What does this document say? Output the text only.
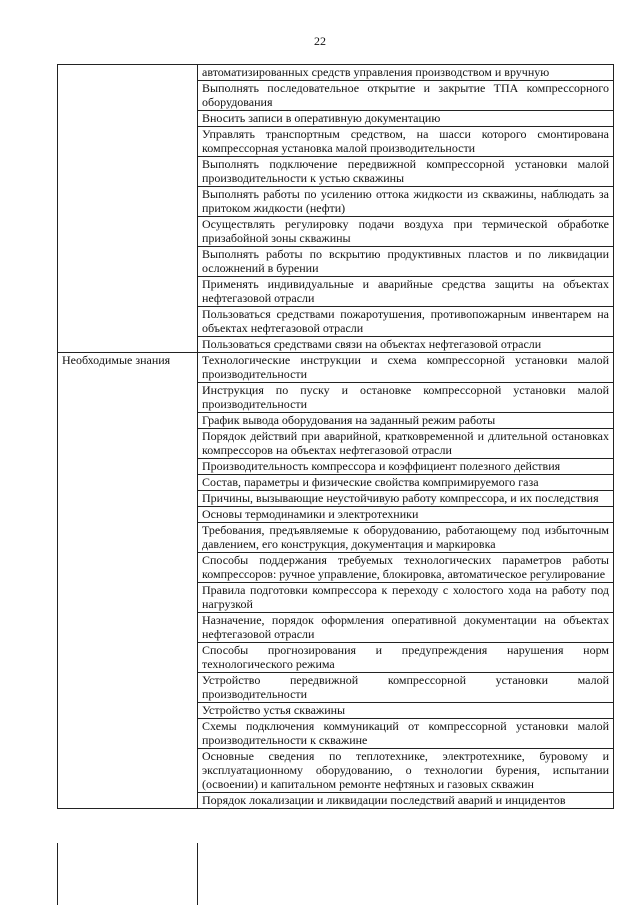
22
	автоматизированных средств управления производством и вручную
	Выполнять последовательное открытие и закрытие ТПА компрессорного оборудования
	Вносить записи в оперативную документацию
	Управлять транспортным средством, на шасси которого смонтирована компрессорная установка малой производительности
	Выполнять подключение передвижной компрессорной установки малой производительности к устью скважины
	Выполнять работы по усилению оттока жидкости из скважины, наблюдать за притоком жидкости (нефти)
	Осуществлять регулировку подачи воздуха при термической обработке призабойной зоны скважины
	Выполнять работы по вскрытию продуктивных пластов и по ликвидации осложнений в бурении
	Применять индивидуальные и аварийные средства защиты на объектах нефтегазовой отрасли
	Пользоваться средствами пожаротушения, противопожарным инвентарем на объектах нефтегазовой отрасли
	Пользоваться средствами связи на объектах нефтегазовой отрасли
Необходимые знания	Технологические инструкции и схема компрессорной установки малой производительности
	Инструкция по пуску и остановке компрессорной установки малой производительности
	График вывода оборудования на заданный режим работы
	Порядок действий при аварийной, кратковременной и длительной остановках компрессоров на объектах нефтегазовой отрасли
	Производительность компрессора и коэффициент полезного действия
	Состав, параметры и физические свойства компримируемого газа
	Причины, вызывающие неустойчивую работу компрессора, и их последствия
	Основы термодинамики и электротехники
	Требования, предъявляемые к оборудованию, работающему под избыточным давлением, его конструкция, документация и маркировка
	Способы поддержания требуемых технологических параметров работы компрессоров: ручное управление, блокировка, автоматическое регулирование
	Правила подготовки компрессора к переходу с холостого хода на работу под нагрузкой
	Назначение, порядок оформления оперативной документации на объектах нефтегазовой отрасли
	Способы прогнозирования и предупреждения нарушения норм технологического режима
	Устройство передвижной компрессорной установки малой производительности
	Устройство устья скважины
	Схемы подключения коммуникаций от компрессорной установки малой производительности к скважине
	Основные сведения по теплотехнике, электротехнике, буровому и эксплуатационному оборудованию, о технологии бурения, испытании (освоении) и капитальном ремонте нефтяных и газовых скважин
	Порядок локализации и ликвидации последствий аварий и инцидентов
